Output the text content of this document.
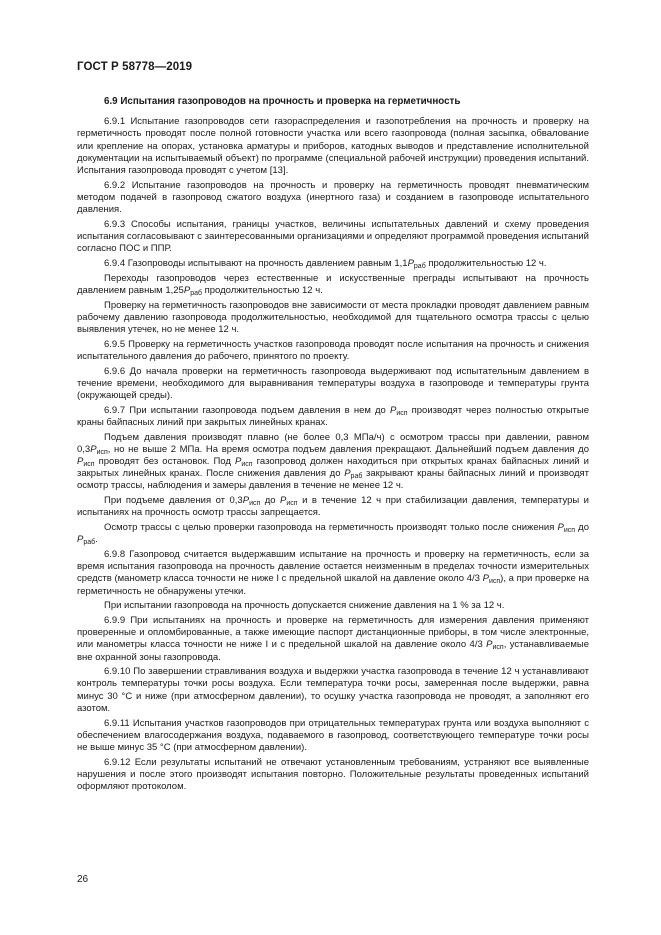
ГОСТ Р 58778—2019
6.9 Испытания газопроводов на прочность и проверка на герметичность

6.9.1 Испытание газопроводов сети газораспределения и газопотребления на прочность и проверку на герметичность проводят после полной готовности участка или всего газопровода (полная засыпка, обвалование или крепление на опорах, установка арматуры и приборов, катодных выводов и представление исполнительной документации на испытываемый объект) по программе (специальной рабочей инструкции) проведения испытаний. Испытания газопровода проводят с учетом [13].

6.9.2 Испытание газопроводов на прочность и проверку на герметичность проводят пневматическим методом подачей в газопровод сжатого воздуха (инертного газа) и созданием в газопроводе испытательного давления.

6.9.3 Способы испытания, границы участков, величины испытательных давлений и схему проведения испытания согласовывают с заинтересованными организациями и определяют программой проведения испытаний согласно ПОС и ППР.

6.9.4 Газопроводы испытывают на прочность давлением равным $1,1Р_{раб}$ продолжительностью 12 ч.

Переходы газопроводов через естественные и искусственные преграды испытывают на прочность давлением равным $1,25Р_{раб}$ продолжительностью 12 ч.

Проверку на герметичность газопроводов вне зависимости от места прокладки проводят давлением равным рабочему давлению газопровода продолжительностью, необходимой для тщательного осмотра трассы с целью выявления утечек, но не менее 12 ч.

6.9.5 Проверку на герметичность участков газопровода проводят после испытания на прочность и снижения испытательного давления до рабочего, принятого по проекту.

6.9.6 До начала проверки на герметичность газопровода выдерживают под испытательным давлением в течение времени, необходимого для выравнивания температуры воздуха в газопроводе и температуры грунта (окружающей среды).

6.9.7 При испытании газопровода подъем давления в нем до $Р_{исп}$ производят через полностью открытые краны байпасных линий при закрытых линейных кранах.

Подъем давления производят плавно (не более 0,3 МПа/ч) с осмотром трассы при давлении, равном $0,3Р_{исп}$, но не выше 2 МПа. На время осмотра подъем давления прекращают. Дальнейший подъем давления до $Р_{исп}$ проводят без остановок. Под $Р_{исп}$ газопровод должен находиться при открытых кранах байпасных линий и закрытых линейных кранах. После снижения давления до $Р_{раб}$ закрывают краны байпасных линий и производят осмотр трассы, наблюдения и замеры давления в течение не менее 12 ч.

При подъеме давления от $0,3Р_{исп}$ до $Р_{исп}$ и в течение 12 ч при стабилизации давления, температуры и испытаниях на прочность осмотр трассы запрещается.

Осмотр трассы с целью проверки газопровода на герметичность производят только после снижения $Р_{исп}$ до $Р_{раб}$.

6.9.8 Газопровод считается выдержавшим испытание на прочность и проверку на герметичность, если за время испытания газопровода на прочность давление остается неизменным в пределах точности измерительных средств (манометр класса точности не ниже I с предельной шкалой на давление около 4/3 $Р_{исп}$), а при проверке на герметичность не обнаружены утечки.

При испытании газопровода на прочность допускается снижение давления на 1 % за 12 ч.

6.9.9 При испытаниях на прочность и проверке на герметичность для измерения давления применяют проверенные и опломбированные, а также имеющие паспорт дистанционные приборы, в том числе электронные, или манометры класса точности не ниже I и с предельной шкалой на давление около 4/3 $Р_{исп}$, устанавливаемые вне охранной зоны газопровода.

6.9.10 По завершении стравливания воздуха и выдержки участка газопровода в течение 12 ч устанавливают контроль температуры точки росы воздуха. Если температура точки росы, замеренная после выдержки, равна минус 30 °С и ниже (при атмосферном давлении), то осушку участка газопровода не проводят, а заполняют его азотом.

6.9.11 Испытания участков газопроводов при отрицательных температурах грунта или воздуха выполняют с обеспечением влагосодержания воздуха, подаваемого в газопровод, соответствующего температуре точки росы не выше минус 35 °С (при атмосферном давлении).

6.9.12 Если результаты испытаний не отвечают установленным требованиям, устраняют все выявленные нарушения и после этого производят испытания повторно. Положительные результаты проведенных испытаний оформляют протоколом.

26
